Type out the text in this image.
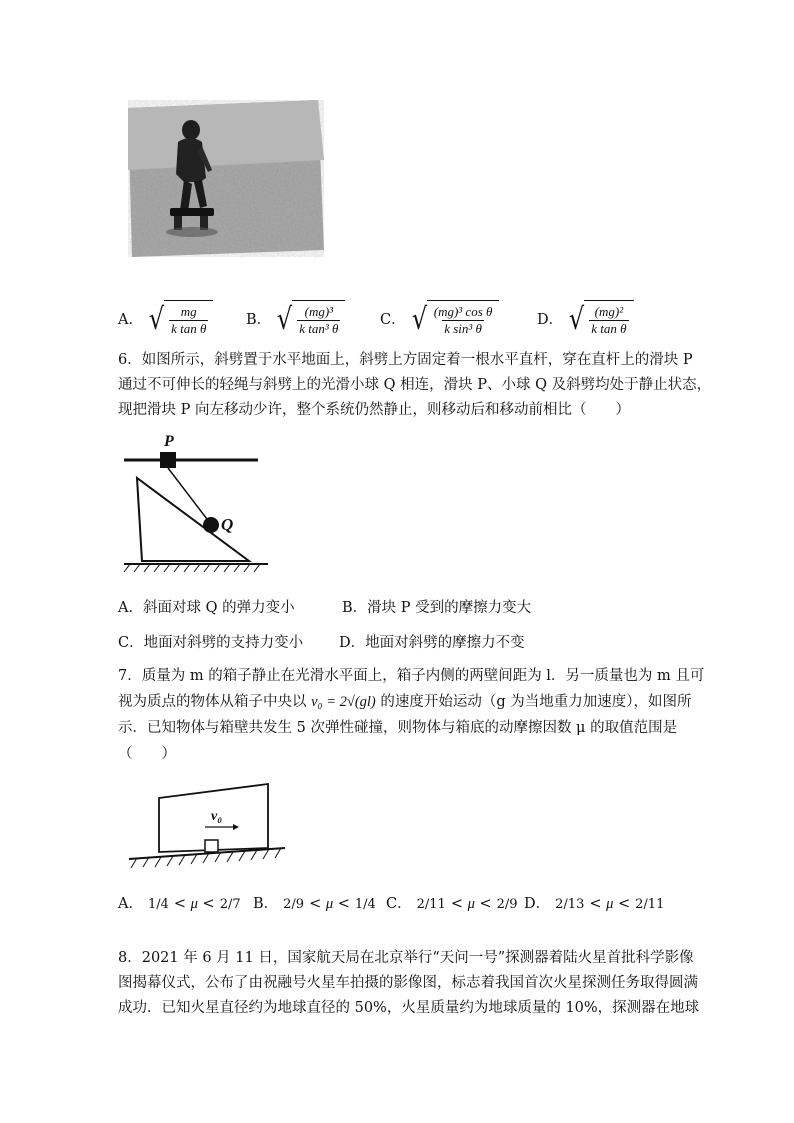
A． √ $\frac{mg}{\text{k tan θ}}$	B． √ $\frac{\text{(mg)³}}{\text{k tan³ θ}}$	C． √ $\frac{\text{(mg)³ cos θ}}{\text{k sin³ θ}}$	D． √ $\frac{\text{(mg)²}}{\text{k tan θ}}$
6．如图所示，斜劈置于水平地面上，斜劈上方固定着一根水平直杆，穿在直杆上的滑块 P
通过不可伸长的轻绳与斜劈上的光滑小球 Q 相连，滑块 P、小球 Q 及斜劈均处于静止状态，
现把滑块 P 向左移动少许，整个系统仍然静止，则移动后和移动前相比（　　）
P
Q
A．斜面对球 Q 的弹力变小	B．滑块 P 受到的摩擦力变大
C．地面对斜劈的支持力变小 D．地面对斜劈的摩擦力不变
7．质量为 m 的箱子静止在光滑水平面上，箱子内侧的两壁间距为 l．另一质量也为 m 且可
视为质点的物体从箱子中央以 v₀ = 2√(gl) 的速度开始运动（g 为当地重力加速度），如图所
示．已知物体与箱壁共发生 5 次弹性碰撞，则物体与箱底的动摩擦因数 μ 的取值范围是
（　　）
v₀
A． 1/4 < μ < 2/7 B． 2/9 < μ < 1/4 C． 2/11 < μ < 2/9 D． 2/13 < μ < 2/11
8．2021 年 6 月 11 日，国家航天局在北京举行“天问一号”探测器着陆火星首批科学影像
图揭幕仪式，公布了由祝融号火星车拍摄的影像图，标志着我国首次火星探测任务取得圆满
成功．已知火星直径约为地球直径的 50%，火星质量约为地球质量的 10%，探测器在地球
